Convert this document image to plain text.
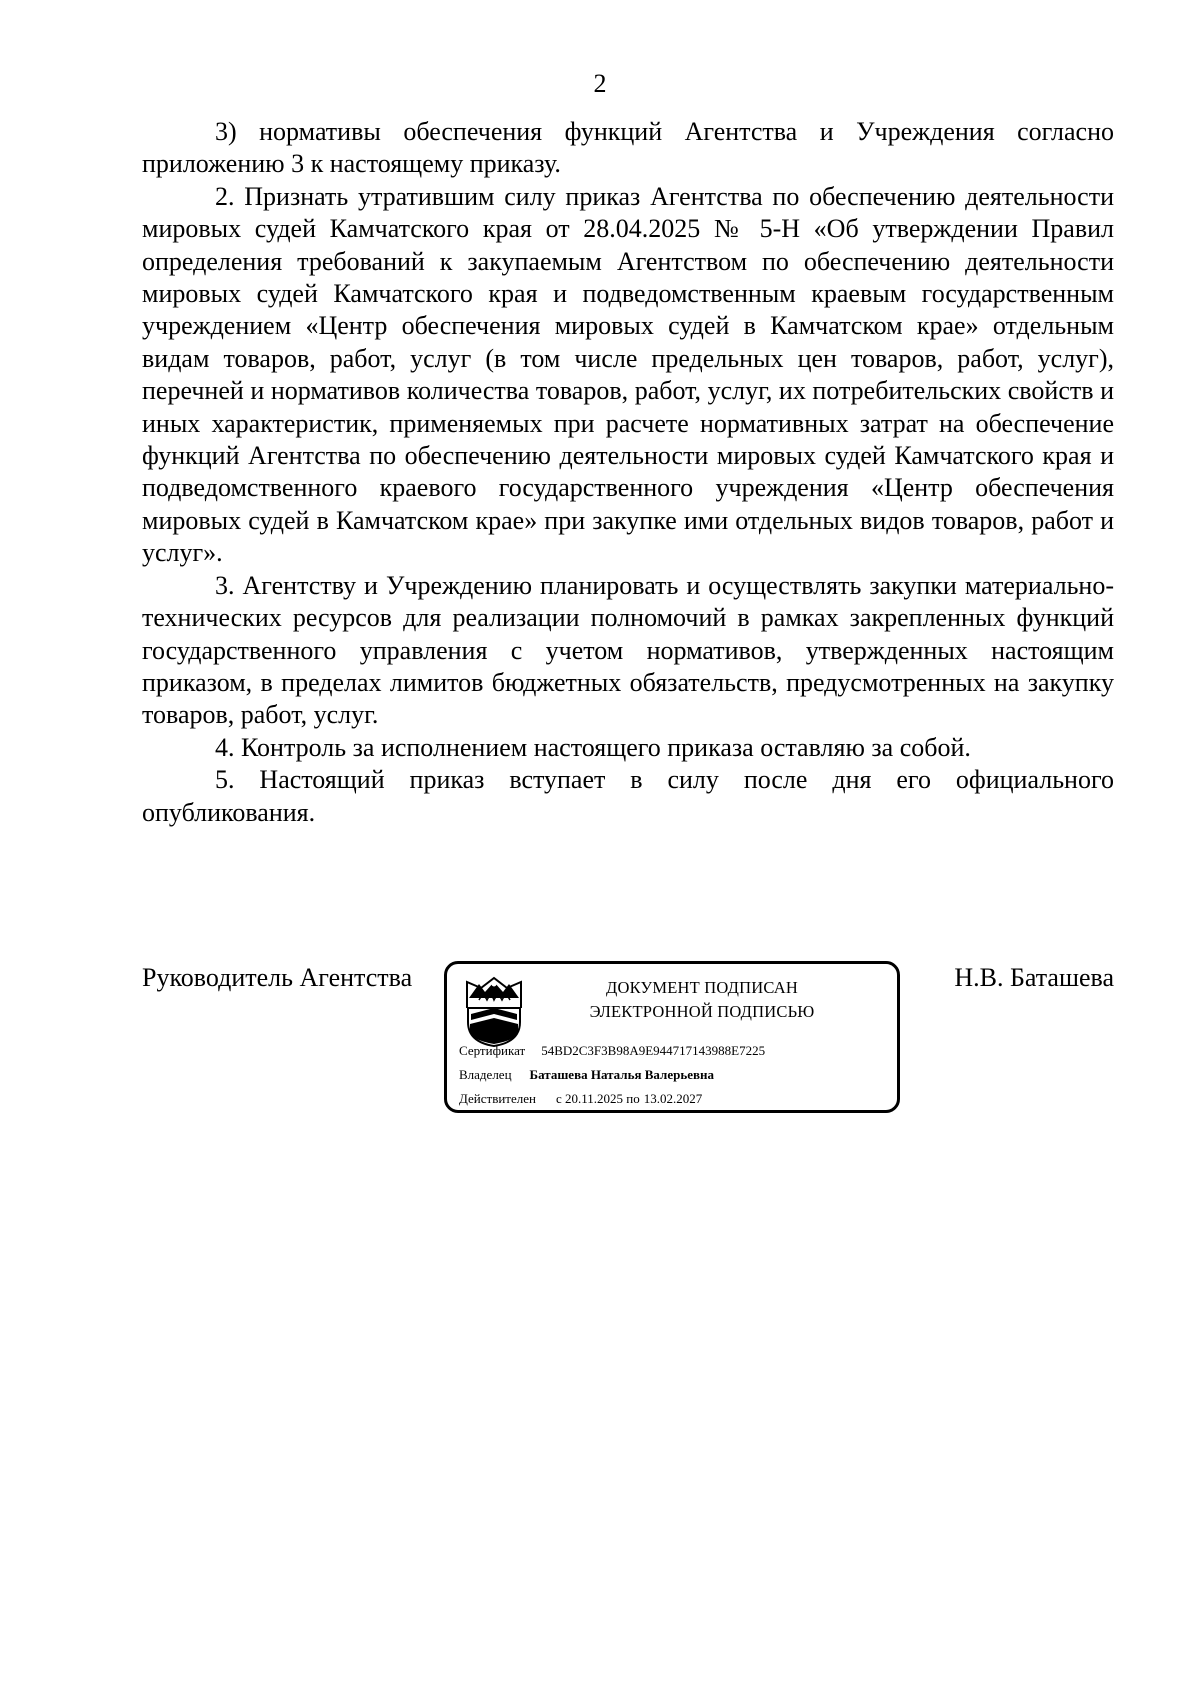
2

3) нормативы обеспечения функций Агентства и Учреждения согласно приложению 3 к настоящему приказу.

2. Признать утратившим силу приказ Агентства по обеспечению деятельности мировых судей Камчатского края от 28.04.2025 № 5-Н «Об утверждении Правил определения требований к закупаемым Агентством по обеспечению деятельности мировых судей Камчатского края и подведомственным краевым государственным учреждением «Центр обеспечения мировых судей в Камчатском крае» отдельным видам товаров, работ, услуг (в том числе предельных цен товаров, работ, услуг), перечней и нормативов количества товаров, работ, услуг, их потребительских свойств и иных характеристик, применяемых при расчете нормативных затрат на обеспечение функций Агентства по обеспечению деятельности мировых судей Камчатского края и подведомственного краевого государственного учреждения «Центр обеспечения мировых судей в Камчатском крае» при закупке ими отдельных видов товаров, работ и услуг».

3. Агентству и Учреждению планировать и осуществлять закупки материально-технических ресурсов для реализации полномочий в рамках закрепленных функций государственного управления с учетом нормативов, утвержденных настоящим приказом, в пределах лимитов бюджетных обязательств, предусмотренных на закупку товаров, работ, услуг.

4. Контроль за исполнением настоящего приказа оставляю за собой.

5. Настоящий приказ вступает в силу после дня его официального опубликования.

Руководитель Агентства	Н.В. Баташева
ДОКУМЕНТ ПОДПИСАН
ЭЛЕКТРОННОЙ ПОДПИСЬЮ
Сертификат 54BD2C3F3B98A9E944717143988E7225
Владелец Баташева Наталья Валерьевна
Действителен с 20.11.2025 по 13.02.2027
